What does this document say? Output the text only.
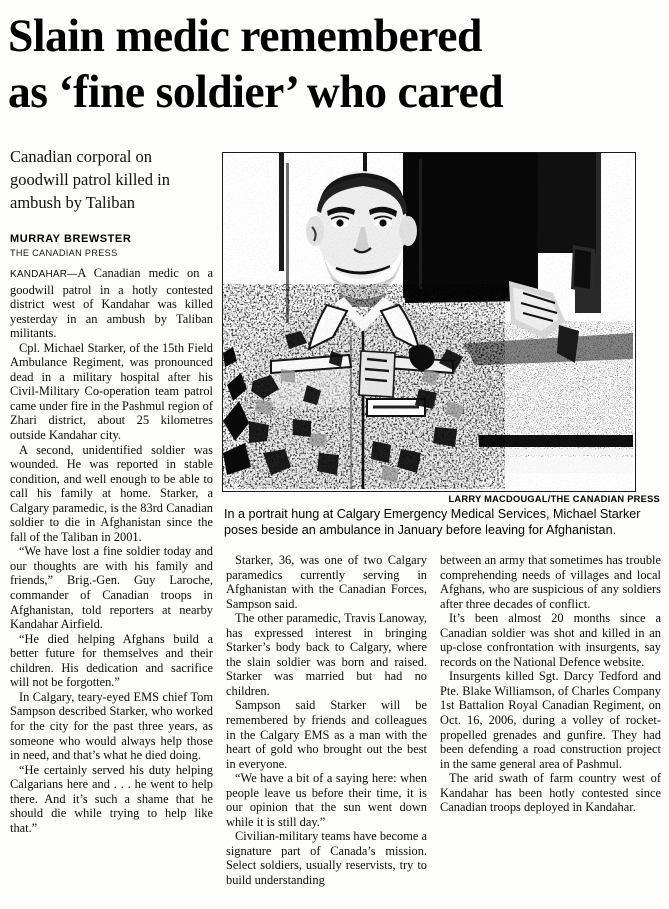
Slain medic remembered
as ‘fine soldier’ who cared
Canadian corporal on goodwill patrol killed in ambush by Taliban
MURRAY BREWSTER
THE CANADIAN PRESS
LARRY MACDOUGAL/THE CANADIAN PRESS
In a portrait hung at Calgary Emergency Medical Services, Michael Starker poses beside an ambulance in January before leaving for Afghanistan.

KANDAHAR—A Canadian medic on a goodwill patrol in a hotly contested district west of Kandahar was killed yesterday in an ambush by Taliban militants.

Cpl. Michael Starker, of the 15th Field Ambulance Regiment, was pronounced dead in a military hospital after his Civil-Military Co-operation team patrol came under fire in the Pashmul region of Zhari district, about 25 kilometres outside Kandahar city.

A second, unidentified soldier was wounded. He was reported in stable condition, and well enough to be able to call his family at home. Starker, a Calgary paramedic, is the 83rd Canadian soldier to die in Afghanistan since the fall of the Taliban in 2001.

“We have lost a fine soldier today and our thoughts are with his family and friends,” Brig.-Gen. Guy Laroche, commander of Canadian troops in Afghanistan, told reporters at nearby Kandahar Airfield.

“He died helping Afghans build a better future for themselves and their children. His dedication and sacrifice will not be forgotten.”

In Calgary, teary-eyed EMS chief Tom Sampson described Starker, who worked for the city for the past three years, as someone who would always help those in need, and that’s what he died doing.

“He certainly served his duty helping Calgarians here and . . . he went to help there. And it’s such a shame that he should die while trying to help like that.”

Starker, 36, was one of two Calgary paramedics currently serving in Afghanistan with the Canadian Forces, Sampson said.

The other paramedic, Travis Lanoway, has expressed interest in bringing Starker’s body back to Calgary, where the slain soldier was born and raised. Starker was married but had no children.

Sampson said Starker will be remembered by friends and colleagues in the Calgary EMS as a man with the heart of gold who brought out the best in everyone.

“We have a bit of a saying here: when people leave us before their time, it is our opinion that the sun went down while it is still day.”

Civilian-military teams have become a signature part of Canada’s mission. Select soldiers, usually reservists, try to build understanding

between an army that sometimes has trouble comprehending needs of villages and local Afghans, who are suspicious of any soldiers after three decades of conflict.

It’s been almost 20 months since a Canadian soldier was shot and killed in an up-close confrontation with insurgents, say records on the National Defence website.

Insurgents killed Sgt. Darcy Tedford and Pte. Blake Williamson, of Charles Company 1st Battalion Royal Canadian Regiment, on Oct. 16, 2006, during a volley of rocket-propelled grenades and gunfire. They had been defending a road construction project in the same general area of Pashmul.

The arid swath of farm country west of Kandahar has been hotly contested since Canadian troops deployed in Kandahar.
